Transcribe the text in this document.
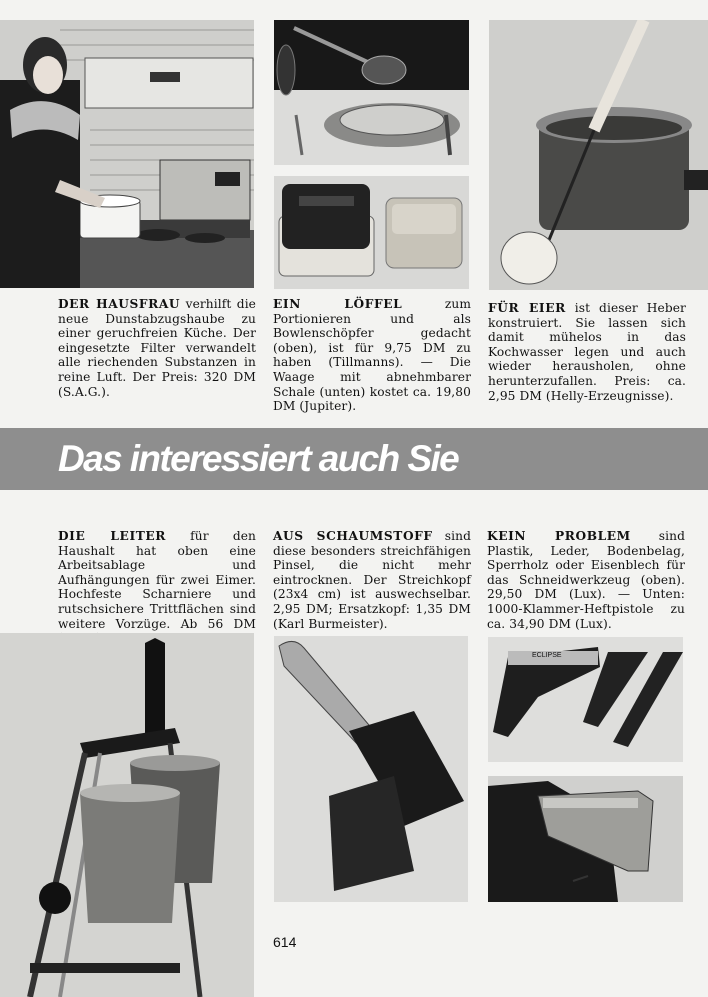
DER HAUSFRAU verhilft die neue Dunstabzugshaube zu einer geruchfreien Küche. Der eingesetzte Filter verwandelt alle riechenden Substanzen in reine Luft. Der Preis: 320 DM (S.A.G.).
EIN LÖFFEL zum Portionieren und als Bowlenschöpfer gedacht (oben), ist für 9,75 DM zu haben (Tillmanns). — Die Waage mit abnehmbarer Schale (unten) kostet ca. 19,80 DM (Jupiter).
FÜR EIER ist dieser Heber konstruiert. Sie lassen sich damit mühelos in das Kochwasser legen und auch wieder herausholen, ohne herunterzufallen. Preis: ca. 2,95 DM (Helly-Erzeugnisse).
Das interessiert auch Sie
DIE LEITER für den Haushalt hat oben eine Arbeitsablage und Aufhängungen für zwei Eimer. Hochfeste Scharniere und rutschsichere Trittflächen sind weitere Vorzüge. Ab 56 DM
AUS SCHAUMSTOFF sind diese besonders streichfähigen Pinsel, die nicht mehr eintrocknen. Der Streichkopf (23x4 cm) ist auswechselbar. 2,95 DM; Ersatzkopf: 1,35 DM (Karl Burmeister).
KEIN PROBLEM sind Plastik, Leder, Bodenbelag, Sperrholz oder Eisenblech für das Schneidwerkzeug (oben). 29,50 DM (Lux). — Unten: 1000-Klammer-Heftpistole zu ca. 34,90 DM (Lux).
ECLIPSE
614
